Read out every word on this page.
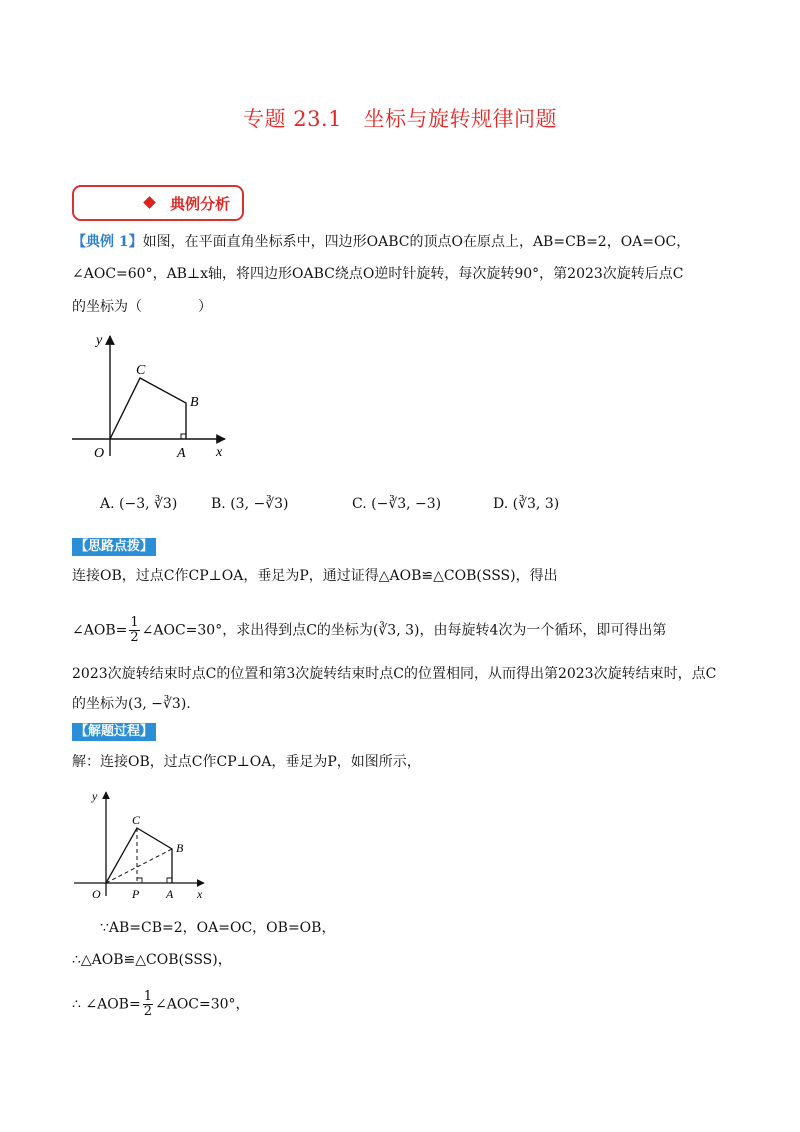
专题 23.1　坐标与旋转规律问题
典例分析
【典例 1】如图，在平面直角坐标系中，四边形OABC的顶点O在原点上，AB=CB=2，OA=OC，
∠AOC=60°，AB⊥x轴，将四边形OABC绕点O逆时针旋转，每次旋转90°，第2023次旋转后点C
的坐标为（　　　　）
y
x
O	A
B
C
A. (−3, ∛3) B. (3, −∛3)	C. (−∛3, −3)	D. (∛3, 3)
【思路点拨】
连接OB，过点C作CP⊥OA，垂足为P，通过证得△AOB≌△COB(SSS)，得出
∠AOB= $\frac{1}{2}$ ∠AOC=30°，求出得到点C的坐标为(∛3, 3)，由每旋转4次为一个循环，即可得出第
2023次旋转结束时点C的位置和第3次旋转结束时点C的位置相同，从而得出第2023次旋转结束时，点C
的坐标为(3, −∛3).
【解题过程】
解：连接OB，过点C作CP⊥OA，垂足为P，如图所示，
y
x
O	P A
B
C
∵AB=CB=2，OA=OC，OB=OB，
∴△AOB≌△COB(SSS)，
∴ ∠AOB= $\frac{1}{2}$ ∠AOC=30°，
